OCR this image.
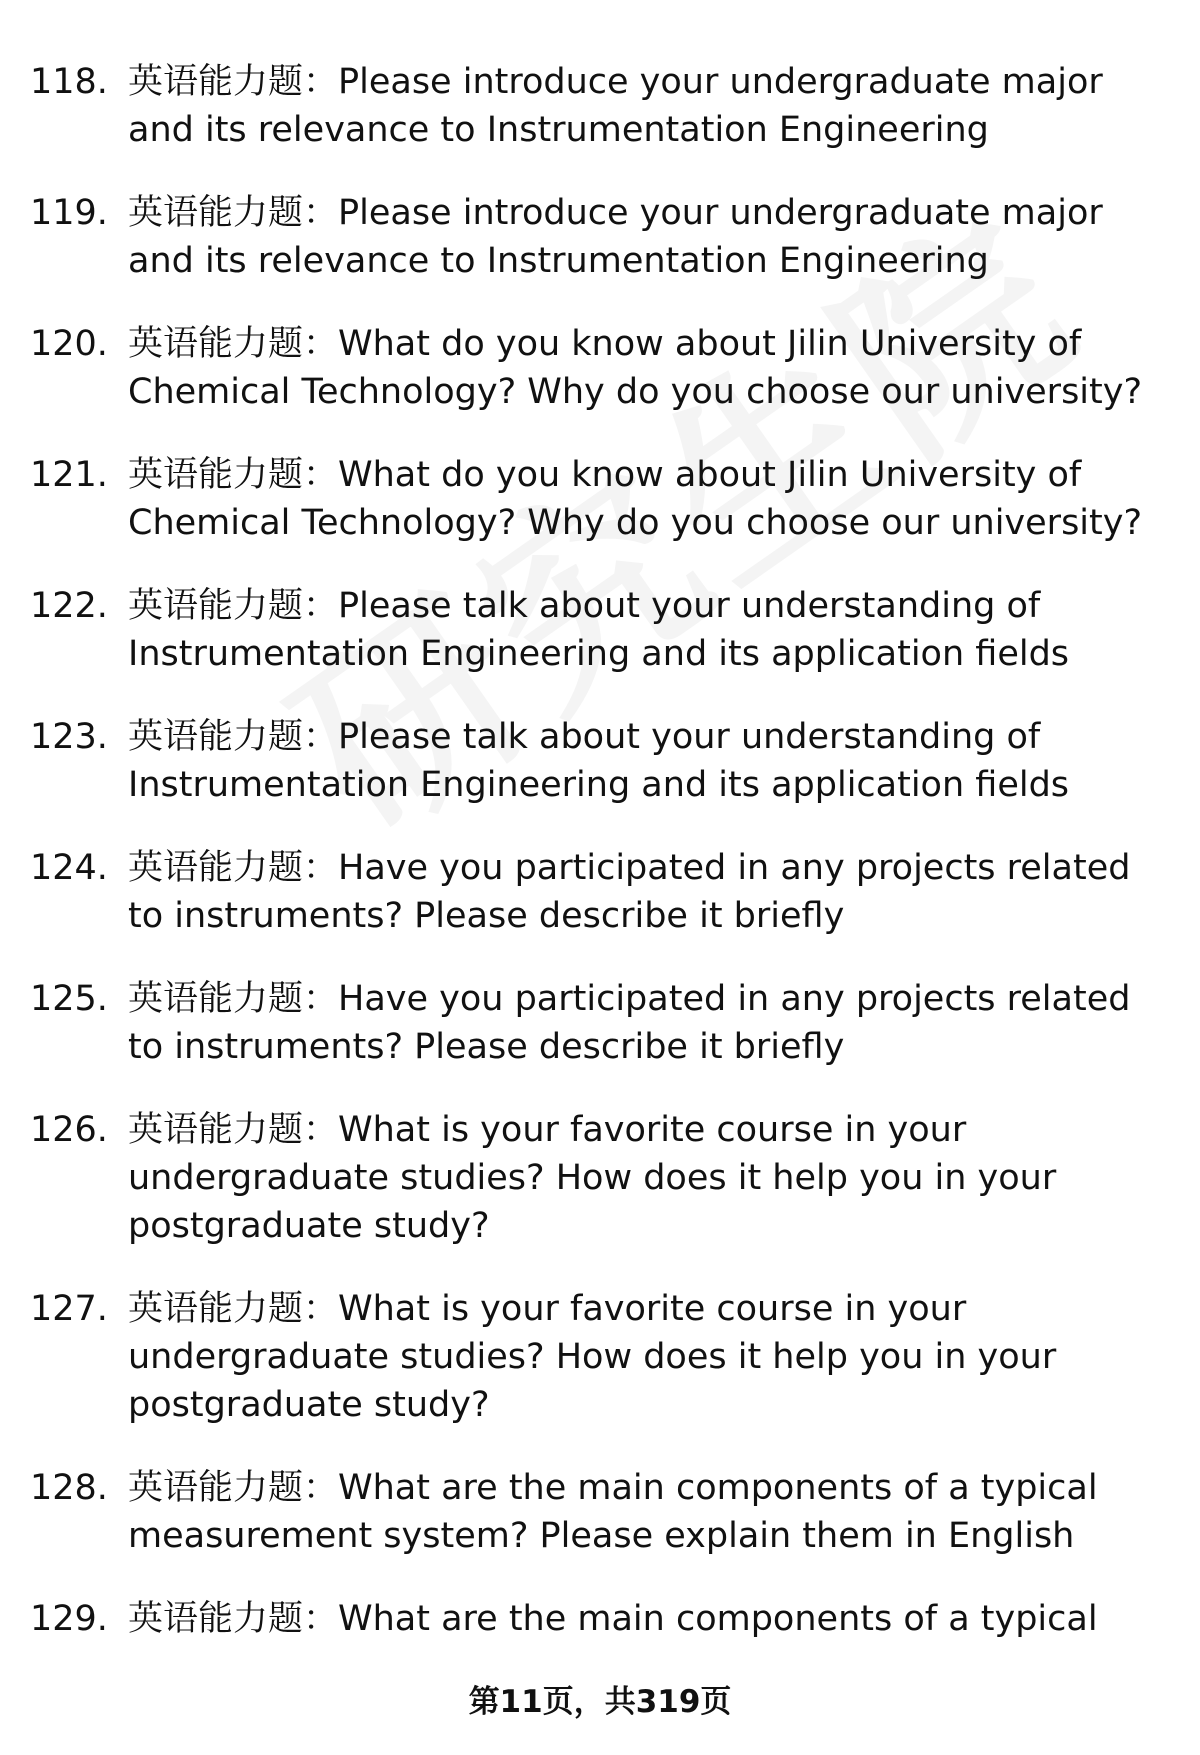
118. 英语能力题：Please introduce your undergraduate major and its relevance to Instrumentation Engineering
119. 英语能力题：Please introduce your undergraduate major and its relevance to Instrumentation Engineering
120. 英语能力题：What do you know about Jilin University of Chemical Technology? Why do you choose our university?
121. 英语能力题：What do you know about Jilin University of Chemical Technology? Why do you choose our university?
122. 英语能力题：Please talk about your understanding of Instrumentation Engineering and its application fields
123. 英语能力题：Please talk about your understanding of Instrumentation Engineering and its application fields
124. 英语能力题：Have you participated in any projects related to instruments? Please describe it briefly
125. 英语能力题：Have you participated in any projects related to instruments? Please describe it briefly
126. 英语能力题：What is your favorite course in your undergraduate studies? How does it help you in your postgraduate study?
127. 英语能力题：What is your favorite course in your undergraduate studies? How does it help you in your postgraduate study?
128. 英语能力题：What are the main components of a typical measurement system? Please explain them in English
129. 英语能力题：What are the main components of a typical
第11页，共319页
